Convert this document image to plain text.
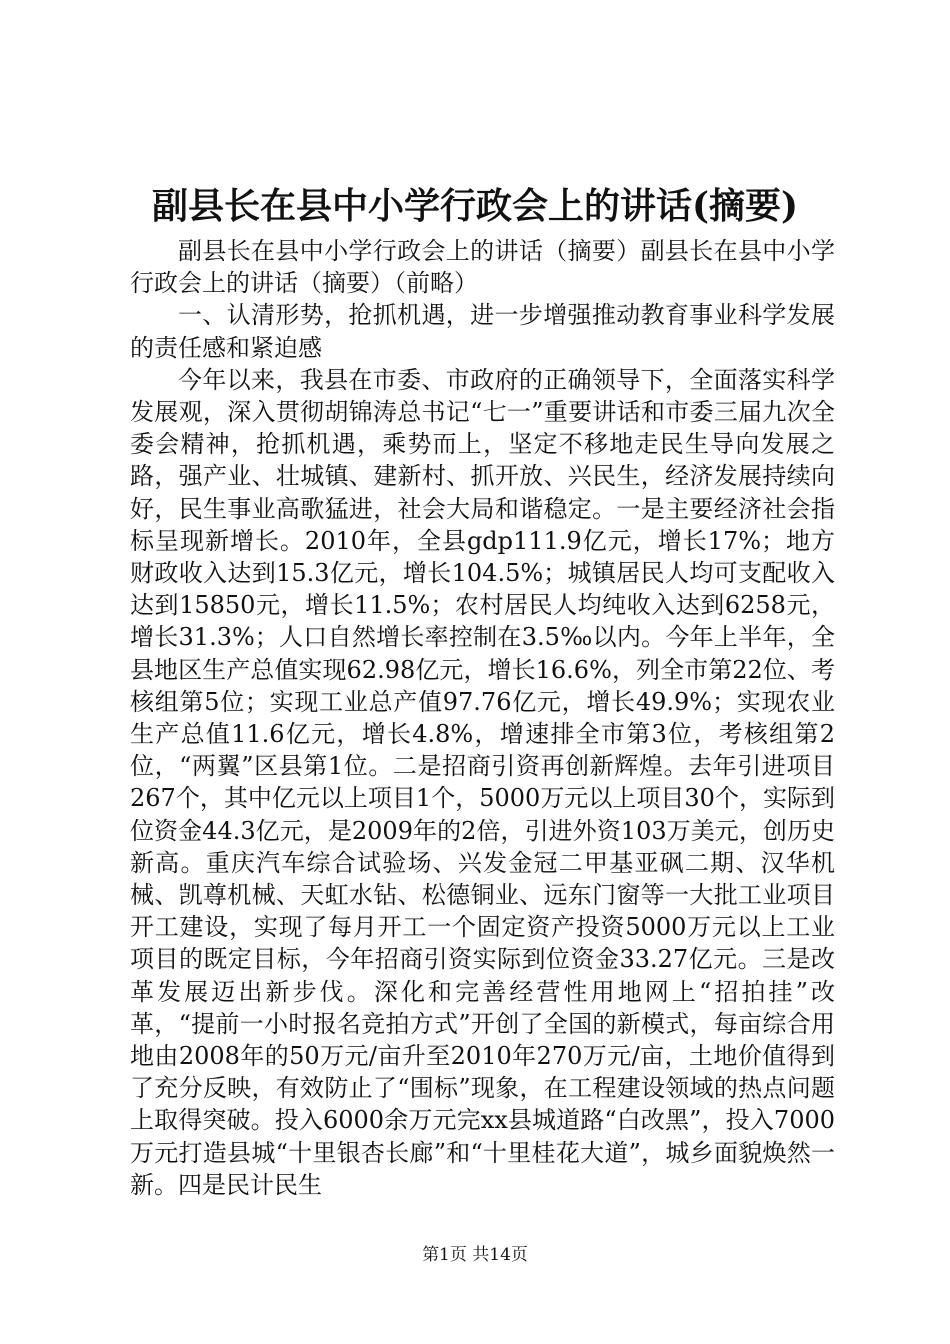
副县长在县中小学行政会上的讲话(摘要)

副县长在县中小学行政会上的讲话（摘要）副县长在县中小学行政会上的讲话（摘要）（前略）

一、认清形势，抢抓机遇，进一步增强推动教育事业科学发展的责任感和紧迫感

今年以来，我县在市委、市政府的正确领导下，全面落实科学发展观，深入贯彻胡锦涛总书记“七一”重要讲话和市委三届九次全委会精神，抢抓机遇，乘势而上，坚定不移地走民生导向发展之路，强产业、壮城镇、建新村、抓开放、兴民生，经济发展持续向好，民生事业高歌猛进，社会大局和谐稳定。一是主要经济社会指标呈现新增长。2010年，全县gdp111.9亿元，增长17%；地方财政收入达到15.3亿元，增长104.5%；城镇居民人均可支配收入达到15850元，增长11.5%；农村居民人均纯收入达到6258元，增长31.3%；人口自然增长率控制在3.5‰以内。今年上半年，全县地区生产总值实现62.98亿元，增长16.6%，列全市第22位、考核组第5位；实现工业总产值97.76亿元，增长49.9%；实现农业生产总值11.6亿元，增长4.8%，增速排全市第3位，考核组第2位，“两翼”区县第1位。二是招商引资再创新辉煌。去年引进项目267个，其中亿元以上项目1个，5000万元以上项目30个，实际到位资金44.3亿元，是2009年的2倍，引进外资103万美元，创历史新高。重庆汽车综合试验场、兴发金冠二甲基亚砜二期、汉华机械、凯尊机械、天虹水钻、松德铜业、远东门窗等一大批工业项目开工建设，实现了每月开工一个固定资产投资5000万元以上工业项目的既定目标，今年招商引资实际到位资金33.27亿元。三是改革发展迈出新步伐。深化和完善经营性用地网上“招拍挂”改革，“提前一小时报名竞拍方式”开创了全国的新模式，每亩综合用地由2008年的50万元/亩升至2010年270万元/亩，土地价值得到了充分反映，有效防止了“围标”现象，在工程建设领域的热点问题上取得突破。投入6000余万元完xx县城道路“白改黑”，投入7000万元打造县城“十里银杏长廊”和“十里桂花大道”，城乡面貌焕然一新。四是民计民生

第1页 共14页
